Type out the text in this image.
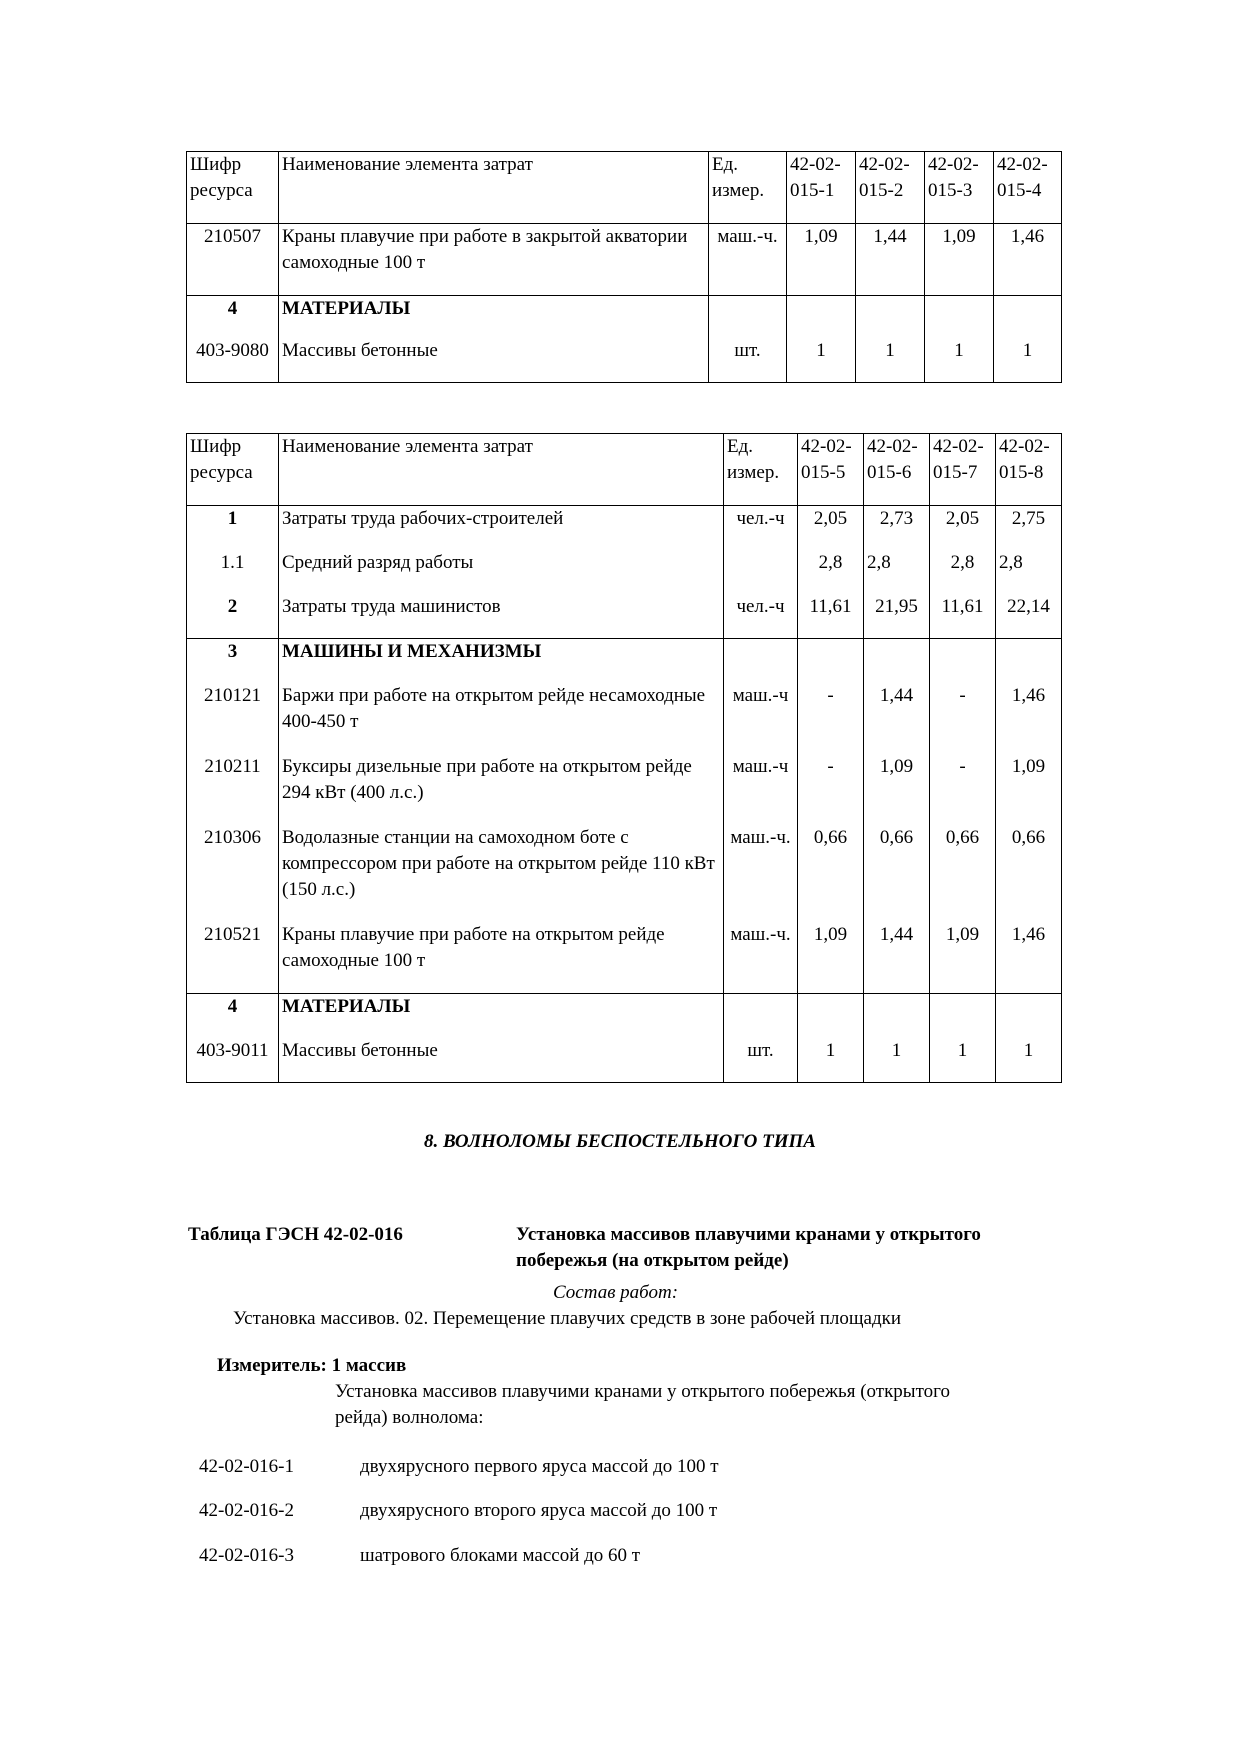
Шифр ресурса	Наименование элемента затрат	Ед. измер.	42-02-015-1	42-02-015-2	42-02-015-3	42-02-015-4
210507	Краны плавучие при работе в закрытой акватории самоходные 100 т	маш.-ч.	1,09	1,44	1,09	1,46
4	МАТЕРИАЛЫ					
403-9080	Массивы бетонные	шт.	1	1	1	1
Шифр ресурса	Наименование элемента затрат	Ед. измер.	42-02-015-5	42-02-015-6	42-02-015-7	42-02-015-8
1	Затраты труда рабочих-строителей	чел.-ч	2,05	2,73	2,05	2,75
1.1	Средний разряд работы		2,8	2,8	2,8	2,8
2	Затраты труда машинистов	чел.-ч	11,61	21,95	11,61	22,14
3	МАШИНЫ И МЕХАНИЗМЫ					
210121	Баржи при работе на открытом рейде несамоходные 400-450 т	маш.-ч	-	1,44	-	1,46
210211	Буксиры дизельные при работе на открытом рейде 294 кВт (400 л.с.)	маш.-ч	-	1,09	-	1,09
210306	Водолазные станции на самоходном боте с компрессором при работе на открытом рейде 110 кВт (150 л.с.)	маш.-ч.	0,66	0,66	0,66	0,66
210521	Краны плавучие при работе на открытом рейде самоходные 100 т	маш.-ч.	1,09	1,44	1,09	1,46
4	МАТЕРИАЛЫ					
403-9011	Массивы бетонные	шт.	1	1	1	1
8. ВОЛНОЛОМЫ БЕСПОСТЕЛЬНОГО ТИПА
Таблица ГЭСН 42-02-016	Установка массивов плавучими кранами у открытого
побережья (на открытом рейде)
Состав работ:
Установка массивов. 02. Перемещение плавучих средств в зоне рабочей площадки
Измеритель: 1 массив
Установка массивов плавучими кранами у открытого побережья (открытого
рейда) волнолома:
42-02-016-1	двухярусного первого яруса массой до 100 т
42-02-016-2	двухярусного второго яруса массой до 100 т
42-02-016-3	шатрового блоками массой до 60 т
